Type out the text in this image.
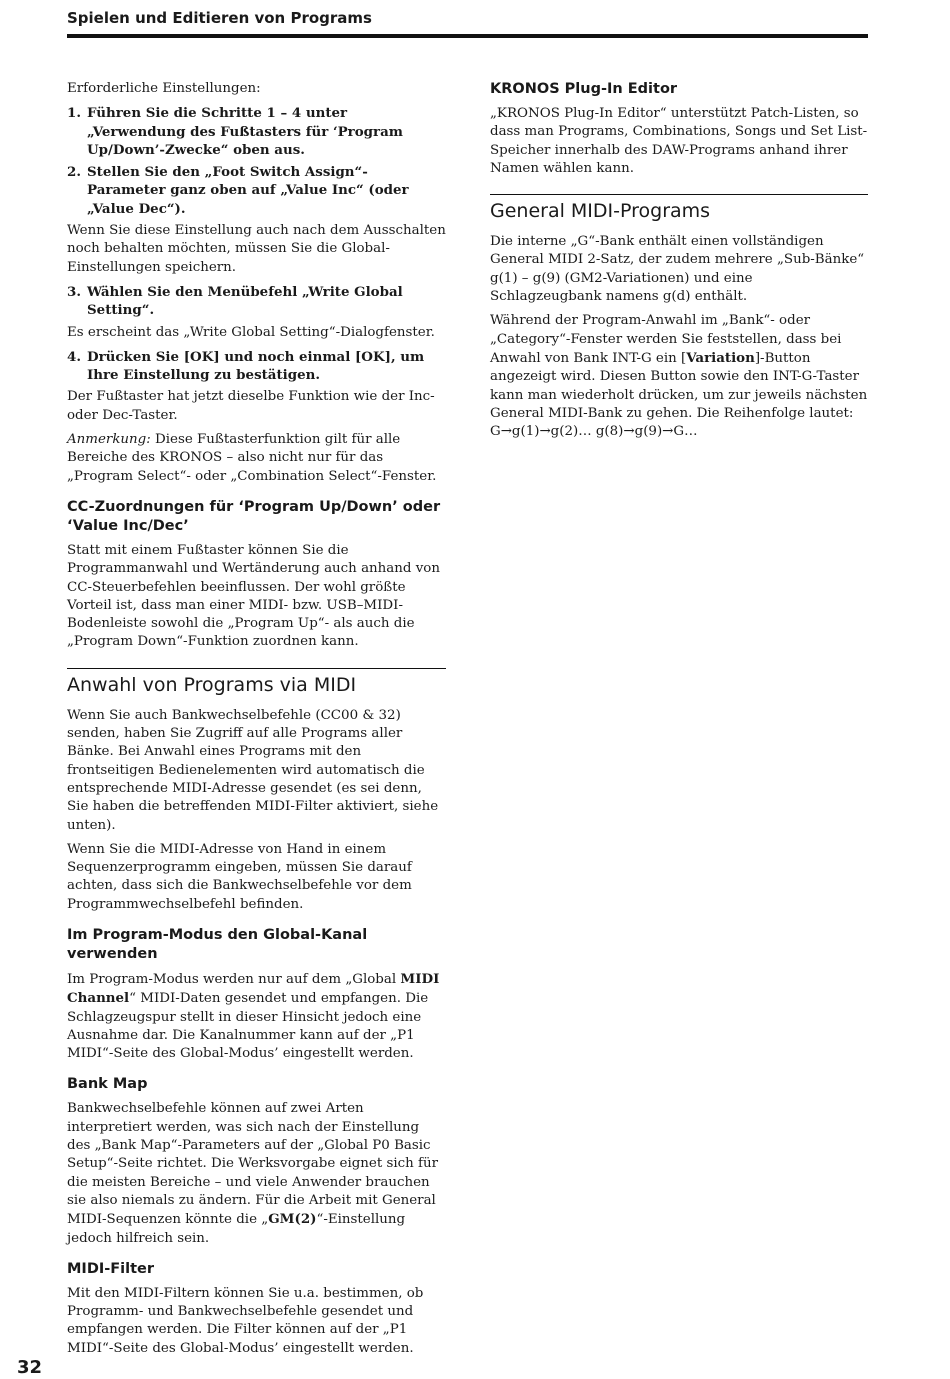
Spielen und Editieren von Programs

Erforderliche Einstellungen:

1. Führen Sie die Schritte 1 – 4 unter „Verwendung des Fußtasters für ‘Program Up/Down’-Zwecke“ oben aus.
2. Stellen Sie den „Foot Switch Assign“-Parameter ganz oben auf „Value Inc“ (oder „Value Dec“).

Wenn Sie diese Einstellung auch nach dem Ausschalten noch behalten möchten, müssen Sie die Global-Einstellungen speichern.

3. Wählen Sie den Menübefehl „Write Global Setting“.

Es erscheint das „Write Global Setting“-Dialogfenster.

4. Drücken Sie [OK] und noch einmal [OK], um Ihre Einstellung zu bestätigen.

Der Fußtaster hat jetzt dieselbe Funktion wie der Inc- oder Dec-Taster.

Anmerkung: Diese Fußtasterfunktion gilt für alle Bereiche des KRONOS – also nicht nur für das „Program Select“- oder „Combination Select“-Fenster.

CC-Zuordnungen für ‘Program Up/Down’ oder ‘Value Inc/Dec’

Statt mit einem Fußtaster können Sie die Programmanwahl und Wertänderung auch anhand von CC-Steuerbefehlen beeinflussen. Der wohl größte Vorteil ist, dass man einer MIDI- bzw. USB–MIDI-Bodenleiste sowohl die „Program Up“- als auch die „Program Down“-Funktion zuordnen kann.

Anwahl von Programs via MIDI

Wenn Sie auch Bankwechselbefehle (CC00 & 32) senden, haben Sie Zugriff auf alle Programs aller Bänke. Bei Anwahl eines Programs mit den frontseitigen Bedienelementen wird automatisch die entsprechende MIDI-Adresse gesendet (es sei denn, Sie haben die betreffenden MIDI-Filter aktiviert, siehe unten).

Wenn Sie die MIDI-Adresse von Hand in einem Sequenzerprogramm eingeben, müssen Sie darauf achten, dass sich die Bankwechselbefehle vor dem Programmwechselbefehl befinden.

Im Program-Modus den Global-Kanal verwenden

Im Program-Modus werden nur auf dem „Global MIDI Channel“ MIDI-Daten gesendet und empfangen. Die Schlagzeugspur stellt in dieser Hinsicht jedoch eine Ausnahme dar. Die Kanalnummer kann auf der „P1 MIDI“-Seite des Global-Modus’ eingestellt werden.

Bank Map

Bankwechselbefehle können auf zwei Arten interpretiert werden, was sich nach der Einstellung des „Bank Map“-Parameters auf der „Global P0 Basic Setup“-Seite richtet. Die Werksvorgabe eignet sich für die meisten Bereiche – und viele Anwender brauchen sie also niemals zu ändern. Für die Arbeit mit General MIDI-Sequenzen könnte die „GM(2)“-Einstellung jedoch hilfreich sein.

MIDI-Filter

Mit den MIDI-Filtern können Sie u.a. bestimmen, ob Programm- und Bankwechselbefehle gesendet und empfangen werden. Die Filter können auf der „P1 MIDI“-Seite des Global-Modus’ eingestellt werden.

KRONOS Plug-In Editor

„KRONOS Plug-In Editor“ unterstützt Patch-Listen, so dass man Programs, Combinations, Songs und Set List-Speicher innerhalb des DAW-Programs anhand ihrer Namen wählen kann.

General MIDI-Programs

Die interne „G“-Bank enthält einen vollständigen General MIDI 2-Satz, der zudem mehrere „Sub-Bänke“ g(1) – g(9) (GM2-Variationen) und eine Schlagzeugbank namens g(d) enthält.

Während der Program-Anwahl im „Bank“- oder „Category“-Fenster werden Sie feststellen, dass bei Anwahl von Bank INT-G ein [Variation]-Button angezeigt wird. Diesen Button sowie den INT-G-Taster kann man wiederholt drücken, um zur jeweils nächsten General MIDI-Bank zu gehen. Die Reihenfolge lautet: G→g(1)→g(2)… g(8)→g(9)→G…

32
